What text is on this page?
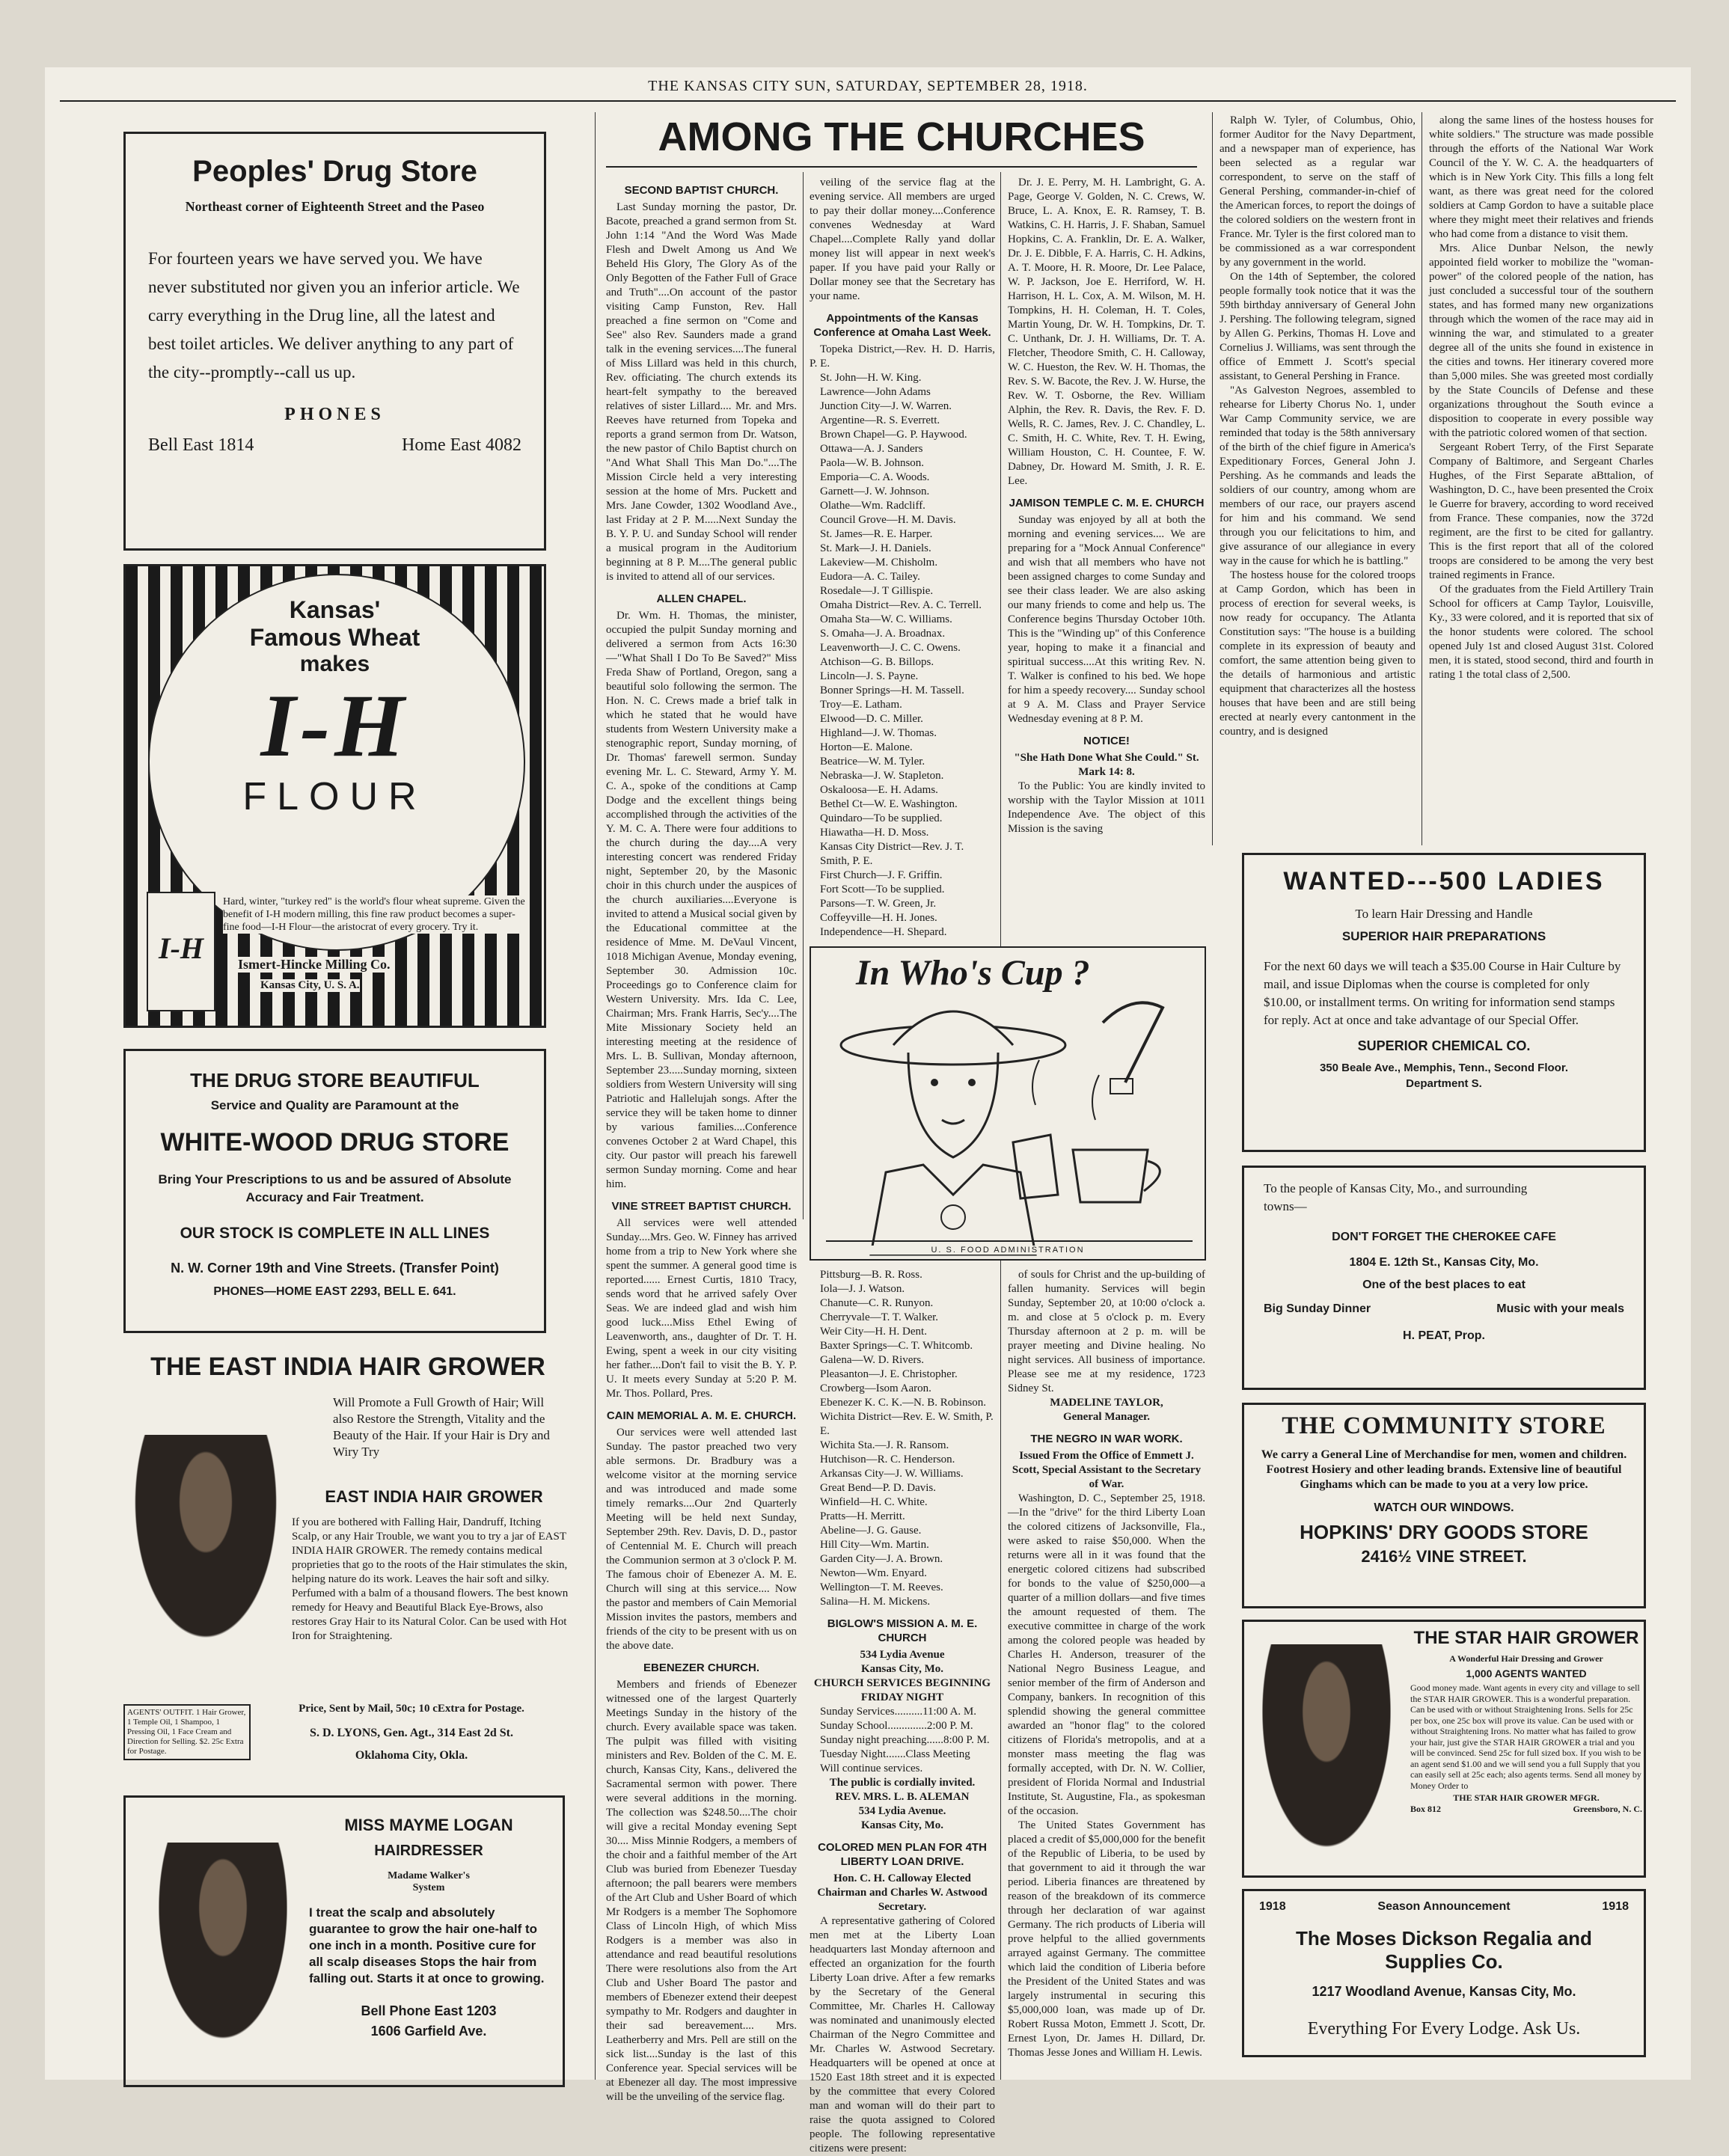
THE KANSAS CITY SUN, SATURDAY, SEPTEMBER 28, 1918.
Peoples' Drug Store
Northeast corner of Eighteenth Street and the Paseo
For fourteen years we have served you. We have never substituted nor given you an inferior article. We carry everything in the Drug line, all the latest and best toilet articles. We deliver anything to any part of the city--promptly--call us up.
PHONES
Bell East 1814	Home East 4082
Kansas'
Famous Wheat
makes
I-H
FLOUR
I-H
Hard, winter, "turkey red" is the world's flour wheat supreme. Given the benefit of I-H modern milling, this fine raw product becomes a super-fine food—I-H Flour—the aristocrat of every grocery. Try it.
Ismert-Hincke Milling Co.
Kansas City, U. S. A.
THE DRUG STORE BEAUTIFUL
Service and Quality are Paramount at the
WHITE-WOOD DRUG STORE
Bring Your Prescriptions to us and be assured of Absolute Accuracy and Fair Treatment.
OUR STOCK IS COMPLETE IN ALL LINES
N. W. Corner 19th and Vine Streets. (Transfer Point)
PHONES—HOME EAST 2293, BELL E. 641.
THE EAST INDIA HAIR GROWER
Will Promote a Full Growth of Hair; Will also Restore the Strength, Vitality and the Beauty of the Hair. If your Hair is Dry and Wiry Try
EAST INDIA HAIR GROWER
If you are bothered with Falling Hair, Dandruff, Itching Scalp, or any Hair Trouble, we want you to try a jar of EAST INDIA HAIR GROWER. The remedy contains medical proprieties that go to the roots of the Hair stimulates the skin, helping nature do its work. Leaves the hair soft and silky. Perfumed with a balm of a thousand flowers. The best known remedy for Heavy and Beautiful Black Eye-Brows, also restores Gray Hair to its Natural Color. Can be used with Hot Iron for Straightening.
AGENTS' OUTFIT. 1 Hair Grower, 1 Temple Oil, 1 Shampoo, 1 Pressing Oil, 1 Face Cream and Direction for Selling. $2. 25c Extra for Postage.
Price, Sent by Mail, 50c; 10 cExtra for Postage.
S. D. LYONS, Gen. Agt., 314 East 2d St.
Oklahoma City, Okla.
MISS MAYME LOGAN
HAIRDRESSER
Madame Walker's
System
I treat the scalp and absolutely guarantee to grow the hair one-half to one inch in a month. Positive cure for all scalp diseases Stops the hair from falling out. Starts it at once to growing.
Bell Phone East 1203
1606 Garfield Ave.
AMONG THE CHURCHES
SECOND BAPTIST CHURCH.

Last Sunday morning the pastor, Dr. Bacote, preached a grand sermon from St. John 1:14 "And the Word Was Made Flesh and Dwelt Among us And We Beheld His Glory, The Glory As of the Only Begotten of the Father Full of Grace and Truth"....On account of the pastor visiting Camp Funston, Rev. Hall preached a fine sermon on "Come and See" also Rev. Saunders made a grand talk in the evening services....The funeral of Miss Lillard was held in this church, Rev. officiating. The church extends its heart-felt sympathy to the bereaved relatives of sister Lillard.... Mr. and Mrs. Reeves have returned from Topeka and reports a grand sermon from Dr. Watson, the new pastor of Chilo Baptist church on "And What Shall This Man Do."....The Mission Circle held a very interesting session at the home of Mrs. Puckett and Mrs. Jane Cowder, 1302 Woodland Ave., last Friday at 2 P. M.....Next Sunday the B. Y. P. U. and Sunday School will render a musical program in the Auditorium beginning at 8 P. M....The general public is invited to attend all of our services.

ALLEN CHAPEL.

Dr. Wm. H. Thomas, the minister, occupied the pulpit Sunday morning and delivered a sermon from Acts 16:30—"What Shall I Do To Be Saved?" Miss Freda Shaw of Portland, Oregon, sang a beautiful solo following the sermon. The Hon. N. C. Crews made a brief talk in which he stated that he would have students from Western University make a stenographic report, Sunday morning, of Dr. Thomas' farewell sermon. Sunday evening Mr. L. C. Steward, Army Y. M. C. A., spoke of the conditions at Camp Dodge and the excellent things being accomplished through the activities of the Y. M. C. A. There were four additions to the church during the day....A very interesting concert was rendered Friday night, September 20, by the Masonic choir in this church under the auspices of the church auxiliaries....Everyone is invited to attend a Musical social given by the Educational committee at the residence of Mme. M. DeVaul Vincent, 1018 Michigan Avenue, Monday evening, September 30. Admission 10c. Proceedings go to Conference claim for Western University. Mrs. Ida C. Lee, Chairman; Mrs. Frank Harris, Sec'y....The Mite Missionary Society held an interesting meeting at the residence of Mrs. L. B. Sullivan, Monday afternoon, September 23.....Sunday morning, sixteen soldiers from Western University will sing Patriotic and Hallelujah songs. After the service they will be taken home to dinner by various families....Conference convenes October 2 at Ward Chapel, this city. Our pastor will preach his farewell sermon Sunday morning. Come and hear him.

VINE STREET BAPTIST CHURCH.

All services were well attended Sunday....Mrs. Geo. W. Finney has arrived home from a trip to New York where she spent the summer. A general good time is reported...... Ernest Curtis, 1810 Tracy, sends word that he arrived safely Over Seas. We are indeed glad and wish him good luck....Miss Ethel Ewing of Leavenworth, ans., daughter of Dr. T. H. Ewing, spent a week in our city visiting her father....Don't fail to visit the B. Y. P. U. It meets every Sunday at 5:20 P. M. Mr. Thos. Pollard, Pres.

CAIN MEMORIAL A. M. E. CHURCH.

Our services were well attended last Sunday. The pastor preached two very able sermons. Dr. Bradbury was a welcome visitor at the morning service and was introduced and made some timely remarks....Our 2nd Quarterly Meeting will be held next Sunday, September 29th. Rev. Davis, D. D., pastor of Centennial M. E. Church will preach the Communion sermon at 3 o'clock P. M. The famous choir of Ebenezer A. M. E. Church will sing at this service.... Now the pastor and members of Cain Memorial Mission invites the pastors, members and friends of the city to be present with us on the above date.

EBENEZER CHURCH.

Members and friends of Ebenezer witnessed one of the largest Quarterly Meetings Sunday in the history of the church. Every available space was taken. The pulpit was filled with visiting ministers and Rev. Bolden of the C. M. E. church, Kansas City, Kans., delivered the Sacramental sermon with power. There were several additions in the morning. The collection was $248.50....The choir will give a recital Monday evening Sept 30.... Miss Minnie Rodgers, a members of the choir and a faithful member of the Art Club was buried from Ebenezer Tuesday afternoon; the pall bearers were members of the Art Club and Usher Board of which Mr Rodgers is a member The Sophomore Class of Lincoln High, of which Miss Rodgers is a member was also in attendance and read beautiful resolutions There were resolutions also from the Art Club and Usher Board The pastor and members of Ebenezer extend their deepest sympathy to Mr. Rodgers and daughter in their sad bereavement.... Mrs. Leatherberry and Mrs. Pell are still on the sick list....Sunday is the last of this Conference year. Special services will be at Ebenezer all day. The most impressive will be the unveiling of the service flag.

veiling of the service flag at the evening service. All members are urged to pay their dollar money....Conference convenes Wednesday at Ward Chapel....Complete Rally yand dollar money list will appear in next week's paper. If you have paid your Rally or Dollar money see that the Secretary has your name.

Appointments of the Kansas Conference at Omaha Last Week.

Topeka District,—Rev. H. D. Harris, P. E.

St. John—H. W. King.
Lawrence—John Adams
Junction City—J. W. Warren.
Argentine—R. S. Everrett.
Brown Chapel—G. P. Haywood.
Ottawa—A. J. Sanders
Paola—W. B. Johnson.
Emporia—C. A. Woods.
Garnett—J. W. Johnson.
Olathe—Wm. Radcliff.
Council Grove—H. M. Davis.
St. James—R. E. Harper.
St. Mark—J. H. Daniels.
Lakeview—M. Chisholm.
Eudora—A. C. Tailey.
Rosedale—J. T Gillispie.
Omaha District—Rev. A. C. Terrell.
Omaha Sta—W. C. Williams.
S. Omaha—J. A. Broadnax.
Leavenworth—J. C. C. Owens.
Atchison—G. B. Billops.
Lincoln—J. S. Payne.
Bonner Springs—H. M. Tassell.
Troy—E. Latham.
Elwood—D. C. Miller.
Highland—J. W. Thomas.
Horton—E. Malone.
Beatrice—W. M. Tyler.
Nebraska—J. W. Stapleton.
Oskaloosa—E. H. Adams.
Bethel Ct—W. E. Washington.
Quindaro—To be supplied.
Hiawatha—H. D. Moss.
Kansas City District—Rev. J. T. Smith, P. E.
First Church—J. F. Griffin.
Fort Scott—To be supplied.
Parsons—T. W. Green, Jr.
Coffeyville—H. H. Jones.
Independence—H. Shepard.

Dr. J. E. Perry, M. H. Lambright, G. A. Page, George V. Golden, N. C. Crews, W. Bruce, L. A. Knox, E. R. Ramsey, T. B. Watkins, C. H. Harris, J. F. Shaban, Samuel Hopkins, C. A. Franklin, Dr. E. A. Walker, Dr. J. E. Dibble, F. A. Harris, C. H. Adkins, A. T. Moore, H. R. Moore, Dr. Lee Palace, W. P. Jackson, Joe E. Herriford, W. H. Harrison, H. L. Cox, A. M. Wilson, M. H. Tompkins, H. H. Coleman, H. T. Coles, Martin Young, Dr. W. H. Tompkins, Dr. T. C. Unthank, Dr. J. H. Williams, Dr. T. A. Fletcher, Theodore Smith, C. H. Calloway, W. C. Hueston, the Rev. W. H. Thomas, the Rev. S. W. Bacote, the Rev. J. W. Hurse, the Rev. W. T. Osborne, the Rev. William Alphin, the Rev. R. Davis, the Rev. F. D. Wells, R. C. James, Rev. J. C. Chandley, L. C. Smith, H. C. White, Rev. T. H. Ewing, William Houston, C. H. Countee, F. W. Dabney, Dr. Howard M. Smith, J. R. E. Lee.

JAMISON TEMPLE C. M. E. CHURCH

Sunday was enjoyed by all at both the morning and evening services.... We are preparing for a "Mock Annual Conference" and wish that all members who have not been assigned charges to come Sunday and see their class leader. We are also asking our many friends to come and help us. The Conference begins Thursday October 10th. This is the "Winding up" of this Conference year, hoping to make it a financial and spiritual success....At this writing Rev. N. T. Walker is confined to his bed. We hope for him a speedy recovery.... Sunday school at 9 A. M. Class and Prayer Service Wednesday evening at 8 P. M.

NOTICE!
"She Hath Done What She Could." St. Mark 14: 8.

To the Public: You are kindly invited to worship with the Taylor Mission at 1011 Independence Ave. The object of this Mission is the saving

In Who's Cup ?
U. S. FOOD ADMINISTRATION
Pittsburg—B. R. Ross.
Iola—J. J. Watson.
Chanute—C. R. Runyon.
Cherryvale—T. T. Walker.
Weir City—H. H. Dent.
Baxter Springs—C. T. Whitcomb.
Galena—W. D. Rivers.
Pleasanton—J. E. Christopher.
Crowberg—Isom Aaron.
Ebenezer K. C. K.—N. B. Robinson.
Wichita District—Rev. E. W. Smith, P. E.
Wichita Sta.—J. R. Ransom.
Hutchison—R. C. Henderson.
Arkansas City—J. W. Williams.
Great Bend—P. D. Davis.
Winfield—H. C. White.
Pratts—H. Merritt.
Abeline—J. G. Gause.
Hill City—Wm. Martin.
Garden City—J. A. Brown.
Newton—Wm. Enyard.
Wellington—T. M. Reeves.
Salina—H. M. Mickens.
BIGLOW'S MISSION A. M. E. CHURCH
534 Lydia Avenue
Kansas City, Mo.
CHURCH SERVICES BEGINNING FRIDAY NIGHT
Sunday Services..........11:00 A. M.
Sunday School..............2:00 P. M.
Sunday night preaching......8:00 P. M.
Tuesday Night.......Class Meeting
Will continue services.
The public is cordially invited.
REV. MRS. L. B. ALEMAN
534 Lydia Avenue.
Kansas City, Mo.
COLORED MEN PLAN FOR 4TH LIBERTY LOAN DRIVE.
Hon. C. H. Calloway Elected Chairman and Charles W. Astwood Secretary.

A representative gathering of Colored men met at the Liberty Loan headquarters last Monday afternoon and effected an organization for the fourth Liberty Loan drive. After a few remarks by the Secretary of the General Committee, Mr. Charles H. Calloway was nominated and unanimously elected Chairman of the Negro Committee and Mr. Charles W. Astwood Secretary. Headquarters will be opened at once at 1520 East 18th street and it is expected by the committee that every Colored man and woman will do their part to raise the quota assigned to Colored people. The following representative citizens were present:

of souls for Christ and the up-building of fallen humanity. Services will begin Sunday, September 20, at 10:00 o'clock a. m. and close at 5 o'clock p. m. Every Thursday afternoon at 2 p. m. will be prayer meeting and Divine healing. No night services. All business of importance. Please see me at my residence, 1723 Sidney St.

MADELINE TAYLOR,
General Manager.
THE NEGRO IN WAR WORK.
Issued From the Office of Emmett J. Scott, Special Assistant to the Secretary of War.

Washington, D. C., September 25, 1918.—In the "drive" for the third Liberty Loan the colored citizens of Jacksonville, Fla., were asked to raise $50,000. When the returns were all in it was found that the energetic colored citizens had subscribed for bonds to the value of $250,000—a quarter of a million dollars—and five times the amount requested of them. The executive committee in charge of the work among the colored people was headed by Charles H. Anderson, treasurer of the National Negro Business League, and senior member of the firm of Anderson and Company, bankers. In recognition of this splendid showing the general committee awarded an "honor flag" to the colored citizens of Florida's metropolis, and at a monster mass meeting the flag was formally accepted, with Dr. N. W. Collier, president of Florida Normal and Industrial Institute, St. Augustine, Fla., as spokesman of the occasion.

The United States Government has placed a credit of $5,000,000 for the benefit of the Republic of Liberia, to be used by that government to aid it through the war period. Liberia finances are threatened by reason of the breakdown of its commerce through her declaration of war against Germany. The rich products of Liberia will prove helpful to the allied governments arrayed against Germany. The committee which laid the condition of Liberia before the President of the United States and was largely instrumental in securing this $5,000,000 loan, was made up of Dr. Robert Russa Moton, Emmett J. Scott, Dr. Ernest Lyon, Dr. James H. Dillard, Dr. Thomas Jesse Jones and William H. Lewis.

Ralph W. Tyler, of Columbus, Ohio, former Auditor for the Navy Department, and a newspaper man of experience, has been selected as a regular war correspondent, to serve on the staff of General Pershing, commander-in-chief of the American forces, to report the doings of the colored soldiers on the western front in France. Mr. Tyler is the first colored man to be commissioned as a war correspondent by any government in the world.

On the 14th of September, the colored people formally took notice that it was the 59th birthday anniversary of General John J. Pershing. The following telegram, signed by Allen G. Perkins, Thomas H. Love and Cornelius J. Williams, was sent through the office of Emmett J. Scott's special assistant, to General Pershing in France.

"As Galveston Negroes, assembled to rehearse for Liberty Chorus No. 1, under War Camp Community service, we are reminded that today is the 58th anniversary of the birth of the chief figure in America's Expeditionary Forces, General John J. Pershing. As he commands and leads the soldiers of our country, among whom are members of our race, our prayers ascend for him and his command. We send through you our felicitations to him, and give assurance of our allegiance in every way in the cause for which he is battling."

The hostess house for the colored troops at Camp Gordon, which has been in process of erection for several weeks, is now ready for occupancy. The Atlanta Constitution says: "The house is a building complete in its expression of beauty and comfort, the same attention being given to the details of harmonious and artistic equipment that characterizes all the hostess houses that have been and are still being erected at nearly every cantonment in the country, and is designed

along the same lines of the hostess houses for white soldiers." The structure was made possible through the efforts of the National War Work Council of the Y. W. C. A. the headquarters of which is in New York City. This fills a long felt want, as there was great need for the colored soldiers at Camp Gordon to have a suitable place where they might meet their relatives and friends who had come from a distance to visit them.

Mrs. Alice Dunbar Nelson, the newly appointed field worker to mobilize the "woman-power" of the colored people of the nation, has just concluded a successful tour of the southern states, and has formed many new organizations through which the women of the race may aid in winning the war, and stimulated to a greater degree all of the units she found in existence in the cities and towns. Her itinerary covered more than 5,000 miles. She was greeted most cordially by the State Councils of Defense and these organizations throughout the South evince a disposition to cooperate in every possible way with the patriotic colored women of that section.

Sergeant Robert Terry, of the First Separate Company of Baltimore, and Sergeant Charles Hughes, of the First Separate aBttalion, of Washington, D. C., have been presented the Croix le Guerre for bravery, according to word received from France. These companies, now the 372d regiment, are the first to be cited for gallantry. This is the first report that all of the colored troops are considered to be among the very best trained regiments in France.

Of the graduates from the Field Artillery Train School for officers at Camp Taylor, Louisville, Ky., 33 were colored, and it is reported that six of the honor students were colored. The school opened July 1st and closed August 31st. Colored men, it is stated, stood second, third and fourth in rating 1 the total class of 2,500.

WANTED---500 LADIES
To learn Hair Dressing and Handle
SUPERIOR HAIR PREPARATIONS
For the next 60 days we will teach a $35.00 Course in Hair Culture by mail, and issue Diplomas when the course is completed for only $10.00, or installment terms. On writing for information send stamps for reply. Act at once and take advantage of our Special Offer.
SUPERIOR CHEMICAL CO.
350 Beale Ave., Memphis, Tenn., Second Floor.
Department S.
To the people of Kansas City, Mo., and surrounding towns—
DON'T FORGET THE CHEROKEE CAFE
1804 E. 12th St., Kansas City, Mo.
One of the best places to eat
Big Sunday Dinner	Music with your meals
H. PEAT, Prop.
THE COMMUNITY STORE
We carry a General Line of Merchandise for men, women and children. Footrest Hosiery and other leading brands. Extensive line of beautiful Ginghams which can be made to you at a very low price.
WATCH OUR WINDOWS.
HOPKINS' DRY GOODS STORE
2416½ VINE STREET.
THE STAR HAIR GROWER
A Wonderful Hair Dressing and Grower
1,000 AGENTS WANTED
Good money made. Want agents in every city and village to sell the STAR HAIR GROWER. This is a wonderful preparation. Can be used with or without Straightening Irons. Sells for 25c per box, one 25c box will prove its value. Can be used with or without Straightening Irons. No matter what has failed to grow your hair, just give the STAR HAIR GROWER a trial and you will be convinced. Send 25c for full sized box. If you wish to be an agent send $1.00 and we will send you a full Supply that you can easily sell at 25c each; also agents terms. Send all money by Money Order to
THE STAR HAIR GROWER MFGR.
Box 812	Greensboro, N. C.
1918	Season Announcement	1918
The Moses Dickson Regalia and Supplies Co.
1217 Woodland Avenue, Kansas City, Mo.
Everything For Every Lodge. Ask Us.
